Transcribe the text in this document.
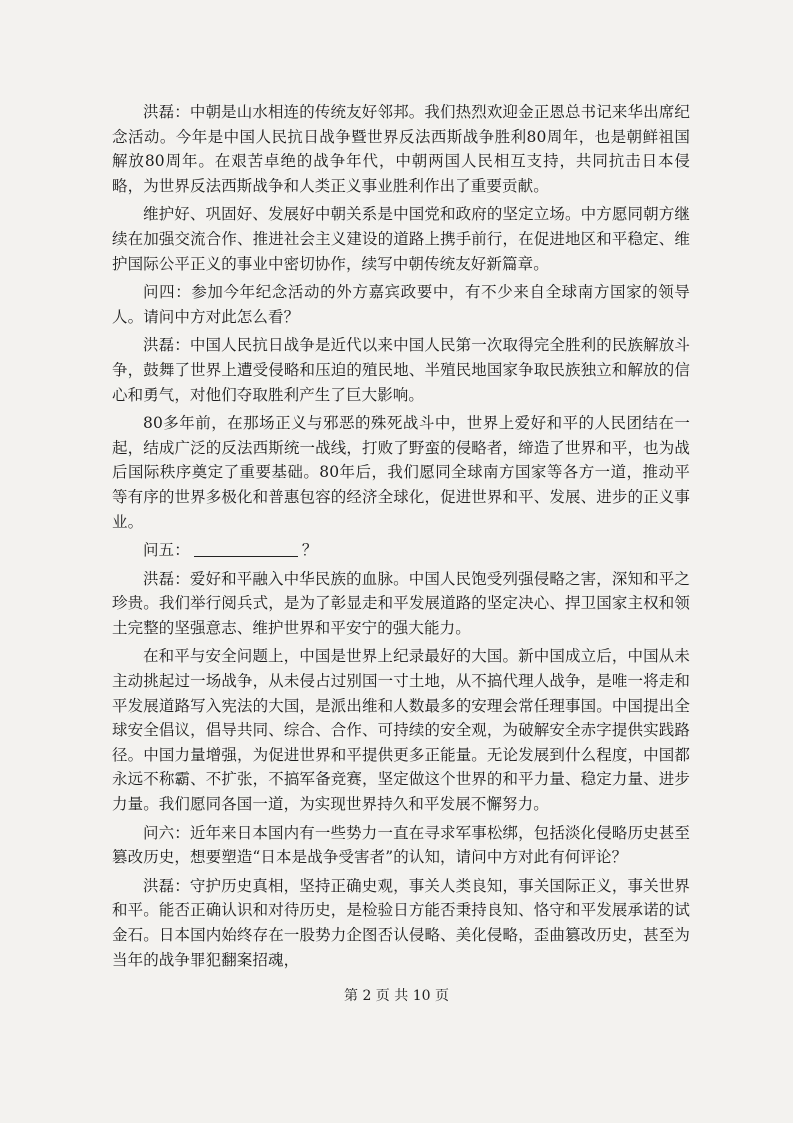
洪磊：中朝是山水相连的传统友好邻邦。我们热烈欢迎金正恩总书记来华出席纪念活动。今年是中国人民抗日战争暨世界反法西斯战争胜利80周年，也是朝鲜祖国解放80周年。在艰苦卓绝的战争年代，中朝两国人民相互支持，共同抗击日本侵略，为世界反法西斯战争和人类正义事业胜利作出了重要贡献。

维护好、巩固好、发展好中朝关系是中国党和政府的坚定立场。中方愿同朝方继续在加强交流合作、推进社会主义建设的道路上携手前行，在促进地区和平稳定、维护国际公平正义的事业中密切协作，续写中朝传统友好新篇章。

问四：参加今年纪念活动的外方嘉宾政要中，有不少来自全球南方国家的领导人。请问中方对此怎么看？

洪磊：中国人民抗日战争是近代以来中国人民第一次取得完全胜利的民族解放斗争，鼓舞了世界上遭受侵略和压迫的殖民地、半殖民地国家争取民族独立和解放的信心和勇气，对他们夺取胜利产生了巨大影响。

80多年前，在那场正义与邪恶的殊死战斗中，世界上爱好和平的人民团结在一起，结成广泛的反法西斯统一战线，打败了野蛮的侵略者，缔造了世界和平，也为战后国际秩序奠定了重要基础。80年后，我们愿同全球南方国家等各方一道，推动平等有序的世界多极化和普惠包容的经济全球化，促进世界和平、发展、进步的正义事业。

问五：	？

洪磊：爱好和平融入中华民族的血脉。中国人民饱受列强侵略之害，深知和平之珍贵。我们举行阅兵式，是为了彰显走和平发展道路的坚定决心、捍卫国家主权和领土完整的坚强意志、维护世界和平安宁的强大能力。

在和平与安全问题上，中国是世界上纪录最好的大国。新中国成立后，中国从未主动挑起过一场战争，从未侵占过别国一寸土地，从不搞代理人战争，是唯一将走和平发展道路写入宪法的大国，是派出维和人数最多的安理会常任理事国。中国提出全球安全倡议，倡导共同、综合、合作、可持续的安全观，为破解安全赤字提供实践路径。中国力量增强，为促进世界和平提供更多正能量。无论发展到什么程度，中国都永远不称霸、不扩张，不搞军备竞赛，坚定做这个世界的和平力量、稳定力量、进步力量。我们愿同各国一道，为实现世界持久和平发展不懈努力。

问六：近年来日本国内有一些势力一直在寻求军事松绑，包括淡化侵略历史甚至篡改历史，想要塑造“日本是战争受害者”的认知，请问中方对此有何评论？

洪磊：守护历史真相，坚持正确史观，事关人类良知，事关国际正义，事关世界和平。能否正确认识和对待历史，是检验日方能否秉持良知、恪守和平发展承诺的试金石。日本国内始终存在一股势力企图否认侵略、美化侵略，歪曲篡改历史，甚至为当年的战争罪犯翻案招魂，

第 2 页 共 10 页
